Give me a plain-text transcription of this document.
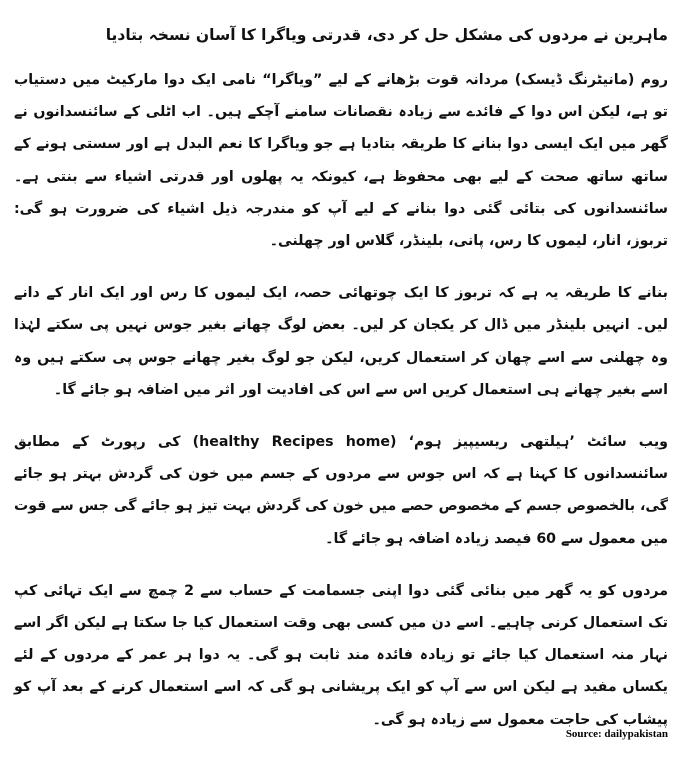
ماہرین نے مردوں کی مشکل حل کر دی، قدرتی ویاگرا کا آسان نسخہ بتادیا

روم (مانیٹرنگ ڈیسک) مردانہ قوت بڑھانے کے لیے ”ویاگرا“ نامی ایک دوا مارکیٹ میں دستیاب تو ہے، لیکن اس دوا کے فائدے سے زیادہ نقصانات سامنے آچکے ہیں۔ اب اٹلی کے سائنسدانوں نے گھر میں ایک ایسی دوا بنانے کا طریقہ بتادیا ہے جو ویاگرا کا نعم البدل ہے اور سستی ہونے کے ساتھ ساتھ صحت کے لیے بھی محفوظ ہے، کیونکہ یہ پھلوں اور قدرتی اشیاء سے بنتی ہے۔ سائنسدانوں کی بتائی گئی دوا بنانے کے لیے آپ کو مندرجہ ذیل اشیاء کی ضرورت ہو گی: تربوز، انار، لیموں کا رس، پانی، بلینڈر، گلاس اور چھلنی۔

بنانے کا طریقہ یہ ہے کہ تربوز کا ایک چوتھائی حصہ، ایک لیموں کا رس اور ایک انار کے دانے لیں۔ انہیں بلینڈر میں ڈال کر یکجان کر لیں۔ بعض لوگ چھانے بغیر جوس نہیں پی سکتے لہٰذا وہ چھلنی سے اسے چھان کر استعمال کریں، لیکن جو لوگ بغیر چھانے جوس پی سکتے ہیں وہ اسے بغیر چھانے ہی استعمال کریں اس سے اس کی افادیت اور اثر میں اضافہ ہو جائے گا۔

ویب سائٹ ’ہیلتھی ریسیپیز ہوم‘ (healthy Recipes home) کی رپورٹ کے مطابق سائنسدانوں کا کہنا ہے کہ اس جوس سے مردوں کے جسم میں خون کی گردش بہتر ہو جائے گی، بالخصوص جسم کے مخصوص حصے میں خون کی گردش بہت تیز ہو جائے گی جس سے قوت میں معمول سے 60 فیصد زیادہ اضافہ ہو جائے گا۔

مردوں کو یہ گھر میں بنائی گئی دوا اپنی جسمامت کے حساب سے 2 چمچ سے ایک تہائی کپ تک استعمال کرنی چاہیے۔ اسے دن میں کسی بھی وقت استعمال کیا جا سکتا ہے لیکن اگر اسے نہار منہ استعمال کیا جائے تو زیادہ فائدہ مند ثابت ہو گی۔ یہ دوا ہر عمر کے مردوں کے لئے یکساں مفید ہے لیکن اس سے آپ کو ایک پریشانی ہو گی کہ اسے استعمال کرنے کے بعد آپ کو پیشاب کی حاجت معمول سے زیادہ ہو گی۔

Source: dailypakistan
